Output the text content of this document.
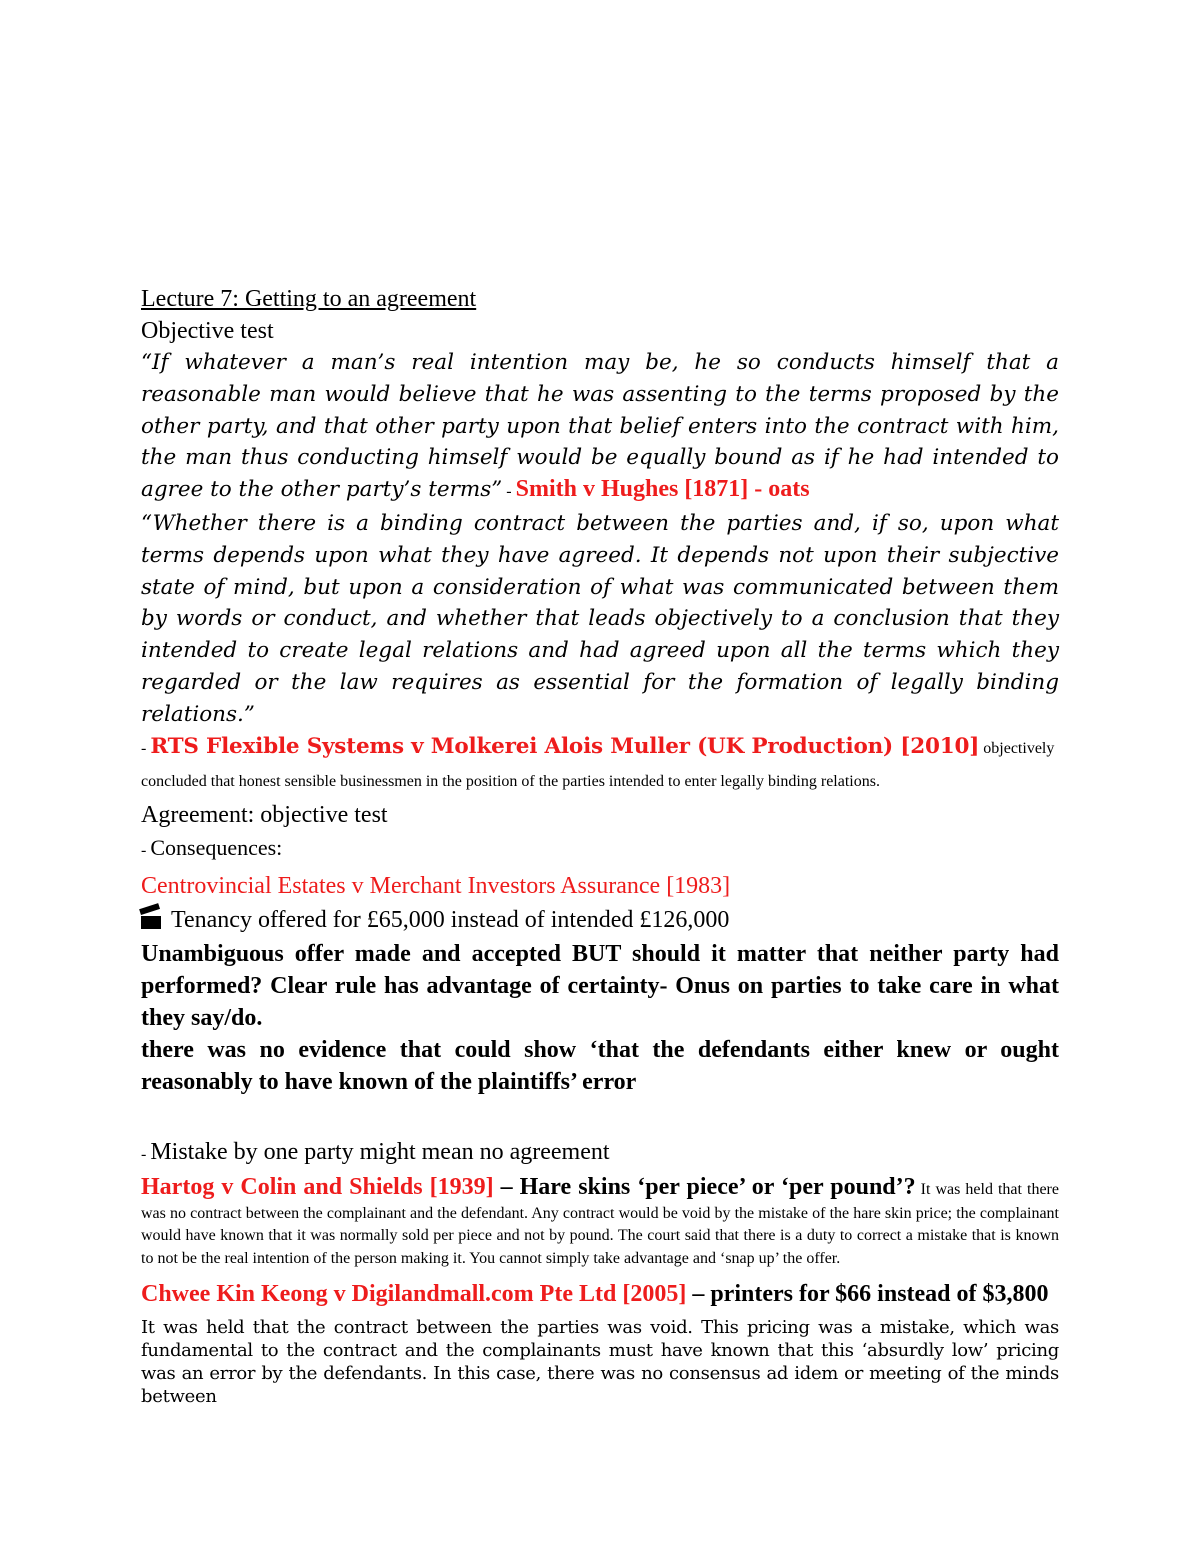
Lecture 7: Getting to an agreement

Objective test

“If whatever a man’s real intention may be, he so conducts himself that a reasonable man would believe that he was assenting to the terms proposed by the other party, and that other party upon that belief enters into the contract with him, the man thus conducting himself would be equally bound as if he had intended to agree to the other party’s terms” - Smith v Hughes [1871] - oats

“Whether there is a binding contract between the parties and, if so, upon what terms depends upon what they have agreed. It depends not upon their subjective state of mind, but upon a consideration of what was communicated between them by words or conduct, and whether that leads objectively to a conclusion that they intended to create legal relations and had agreed upon all the terms which they regarded or the law requires as essential for the formation of legally binding relations.”

- RTS Flexible Systems v Molkerei Alois Muller (UK Production) [2010] objectively concluded that honest sensible businessmen in the position of the parties intended to enter legally binding relations.

Agreement: objective test

- Consequences:

Centrovincial Estates v Merchant Investors Assurance [1983]

Tenancy offered for £65,000 instead of intended £126,000

Unambiguous offer made and accepted BUT should it matter that neither party had performed? Clear rule has advantage of certainty- Onus on parties to take care in what they say/do.

there was no evidence that could show ‘that the defendants either knew or ought reasonably to have known of the plaintiffs’ error

- Mistake by one party might mean no agreement

Hartog v Colin and Shields [1939] – Hare skins ‘per piece’ or ‘per pound’? It was held that there was no contract between the complainant and the defendant. Any contract would be void by the mistake of the hare skin price; the complainant would have known that it was normally sold per piece and not by pound. The court said that there is a duty to correct a mistake that is known to not be the real intention of the person making it. You cannot simply take advantage and ‘snap up’ the offer.

Chwee Kin Keong v Digilandmall.com Pte Ltd [2005] – printers for $66 instead of $3,800

It was held that the contract between the parties was void. This pricing was a mistake, which was fundamental to the contract and the complainants must have known that this ‘absurdly low’ pricing was an error by the defendants. In this case, there was no consensus ad idem or meeting of the minds between
